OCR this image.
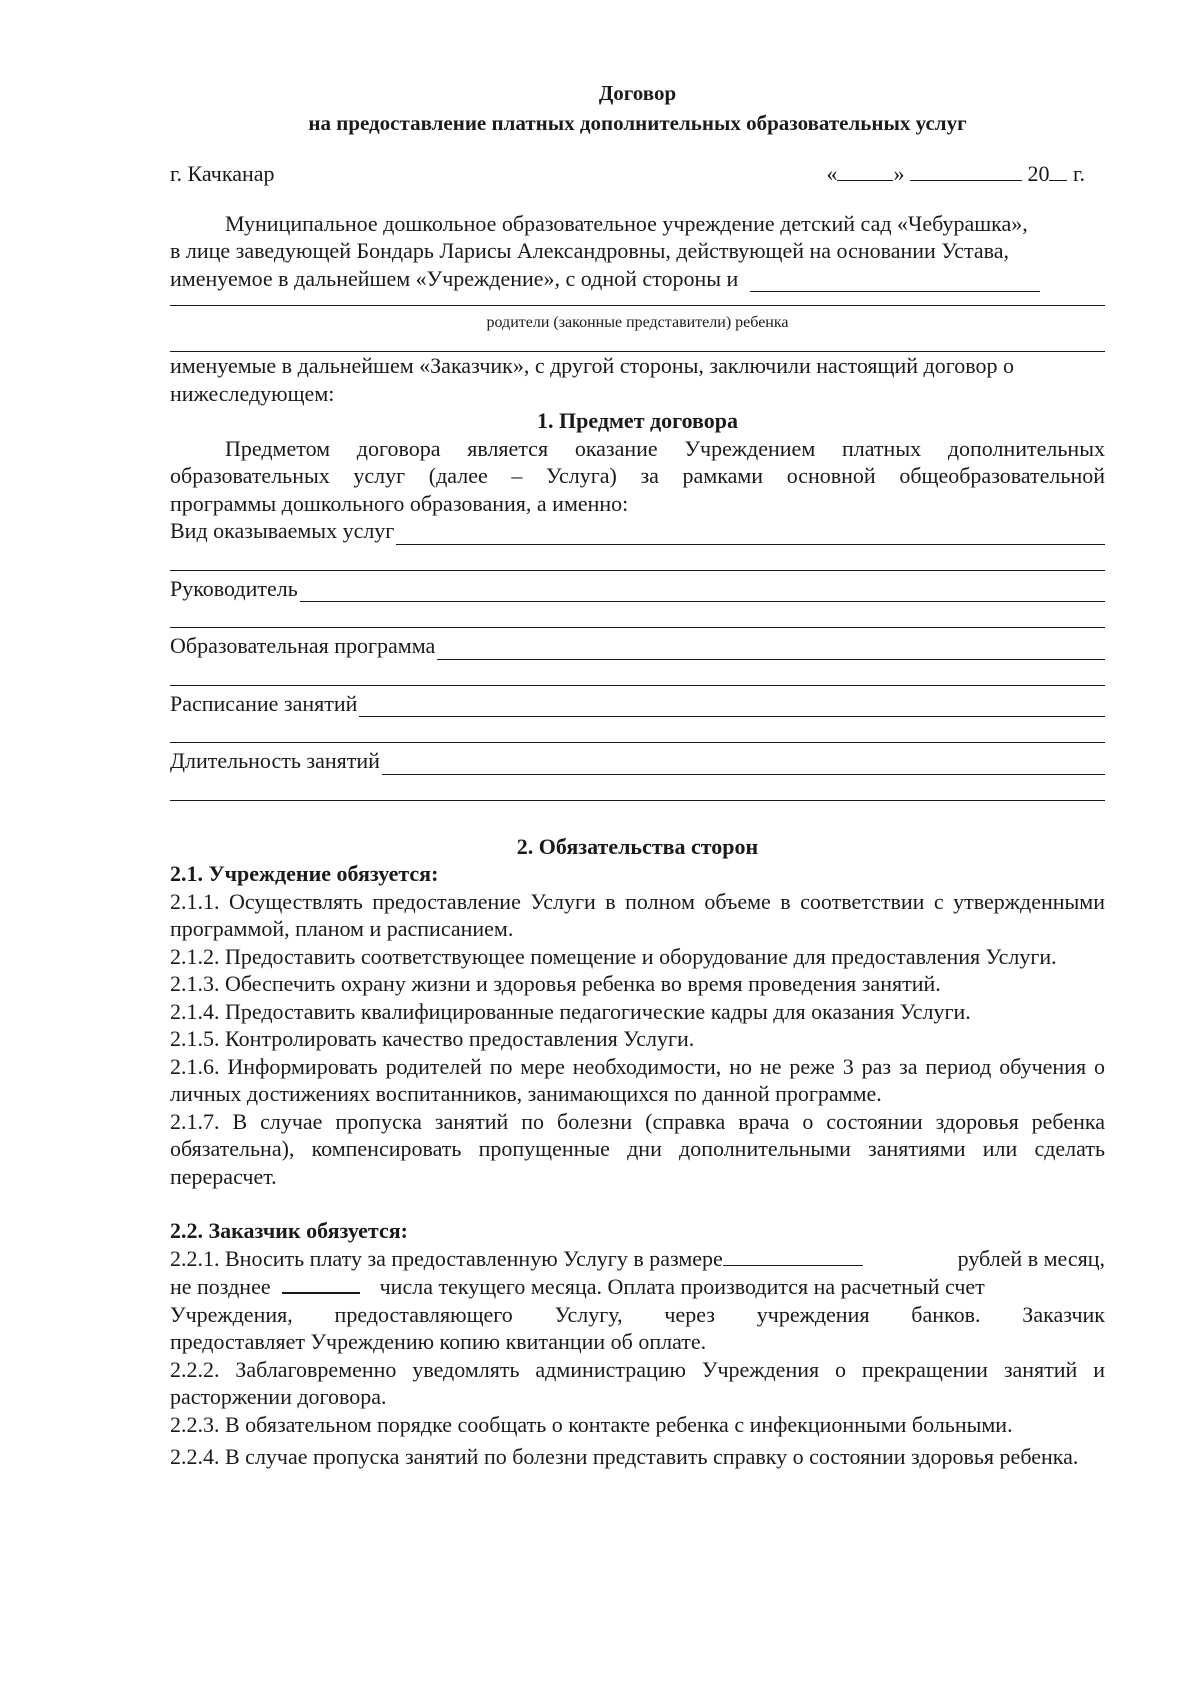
Договор
на предоставление платных дополнительных образовательных услуг
г. Качканар	«	»	20 г.
Муниципальное дошкольное образовательное учреждение детский сад «Чебурашка»,
в лице заведующей Бондарь Ларисы Александровны, действующей на основании Устава,
именуемое в дальнейшем «Учреждение», с одной стороны и
родители (законные представители) ребенка
именуемые в дальнейшем «Заказчик», с другой стороны, заключили настоящий договор о
нижеследующем:
1. Предмет договора
Предметом договора является оказание Учреждением платных дополнительных
образовательных услуг (далее – Услуга) за рамками основной общеобразовательной
программы дошкольного образования, а именно:
Вид оказываемых услуг
Руководитель
Образовательная программа
Расписание занятий
Длительность занятий
2. Обязательства сторон
2.1. Учреждение обязуется:
2.1.1. Осуществлять предоставление Услуги в полном объеме в соответствии с утвержденными программой, планом и расписанием.
2.1.2. Предоставить соответствующее помещение и оборудование для предоставления Услуги.
2.1.3. Обеспечить охрану жизни и здоровья ребенка во время проведения занятий.
2.1.4. Предоставить квалифицированные педагогические кадры для оказания Услуги.
2.1.5. Контролировать качество предоставления Услуги.
2.1.6. Информировать родителей по мере необходимости, но не реже 3 раз за период обучения о личных достижениях воспитанников, занимающихся по данной программе.
2.1.7. В случае пропуска занятий по болезни (справка врача о состоянии здоровья ребенка обязательна), компенсировать пропущенные дни дополнительными занятиями или сделать перерасчет.
2.2. Заказчик обязуется:
2.2.1. Вносить плату за предоставленную Услугу в размере	рублей в месяц,
не позднее	числа текущего месяца. Оплата производится на расчетный счет
Учреждения, предоставляющего Услугу, через учреждения банков. Заказчик
предоставляет Учреждению копию квитанции об оплате.
2.2.2. Заблаговременно уведомлять администрацию Учреждения о прекращении занятий и расторжении договора.
2.2.3. В обязательном порядке сообщать о контакте ребенка с инфекционными больными.
2.2.4. В случае пропуска занятий по болезни представить справку о состоянии здоровья ребенка.
